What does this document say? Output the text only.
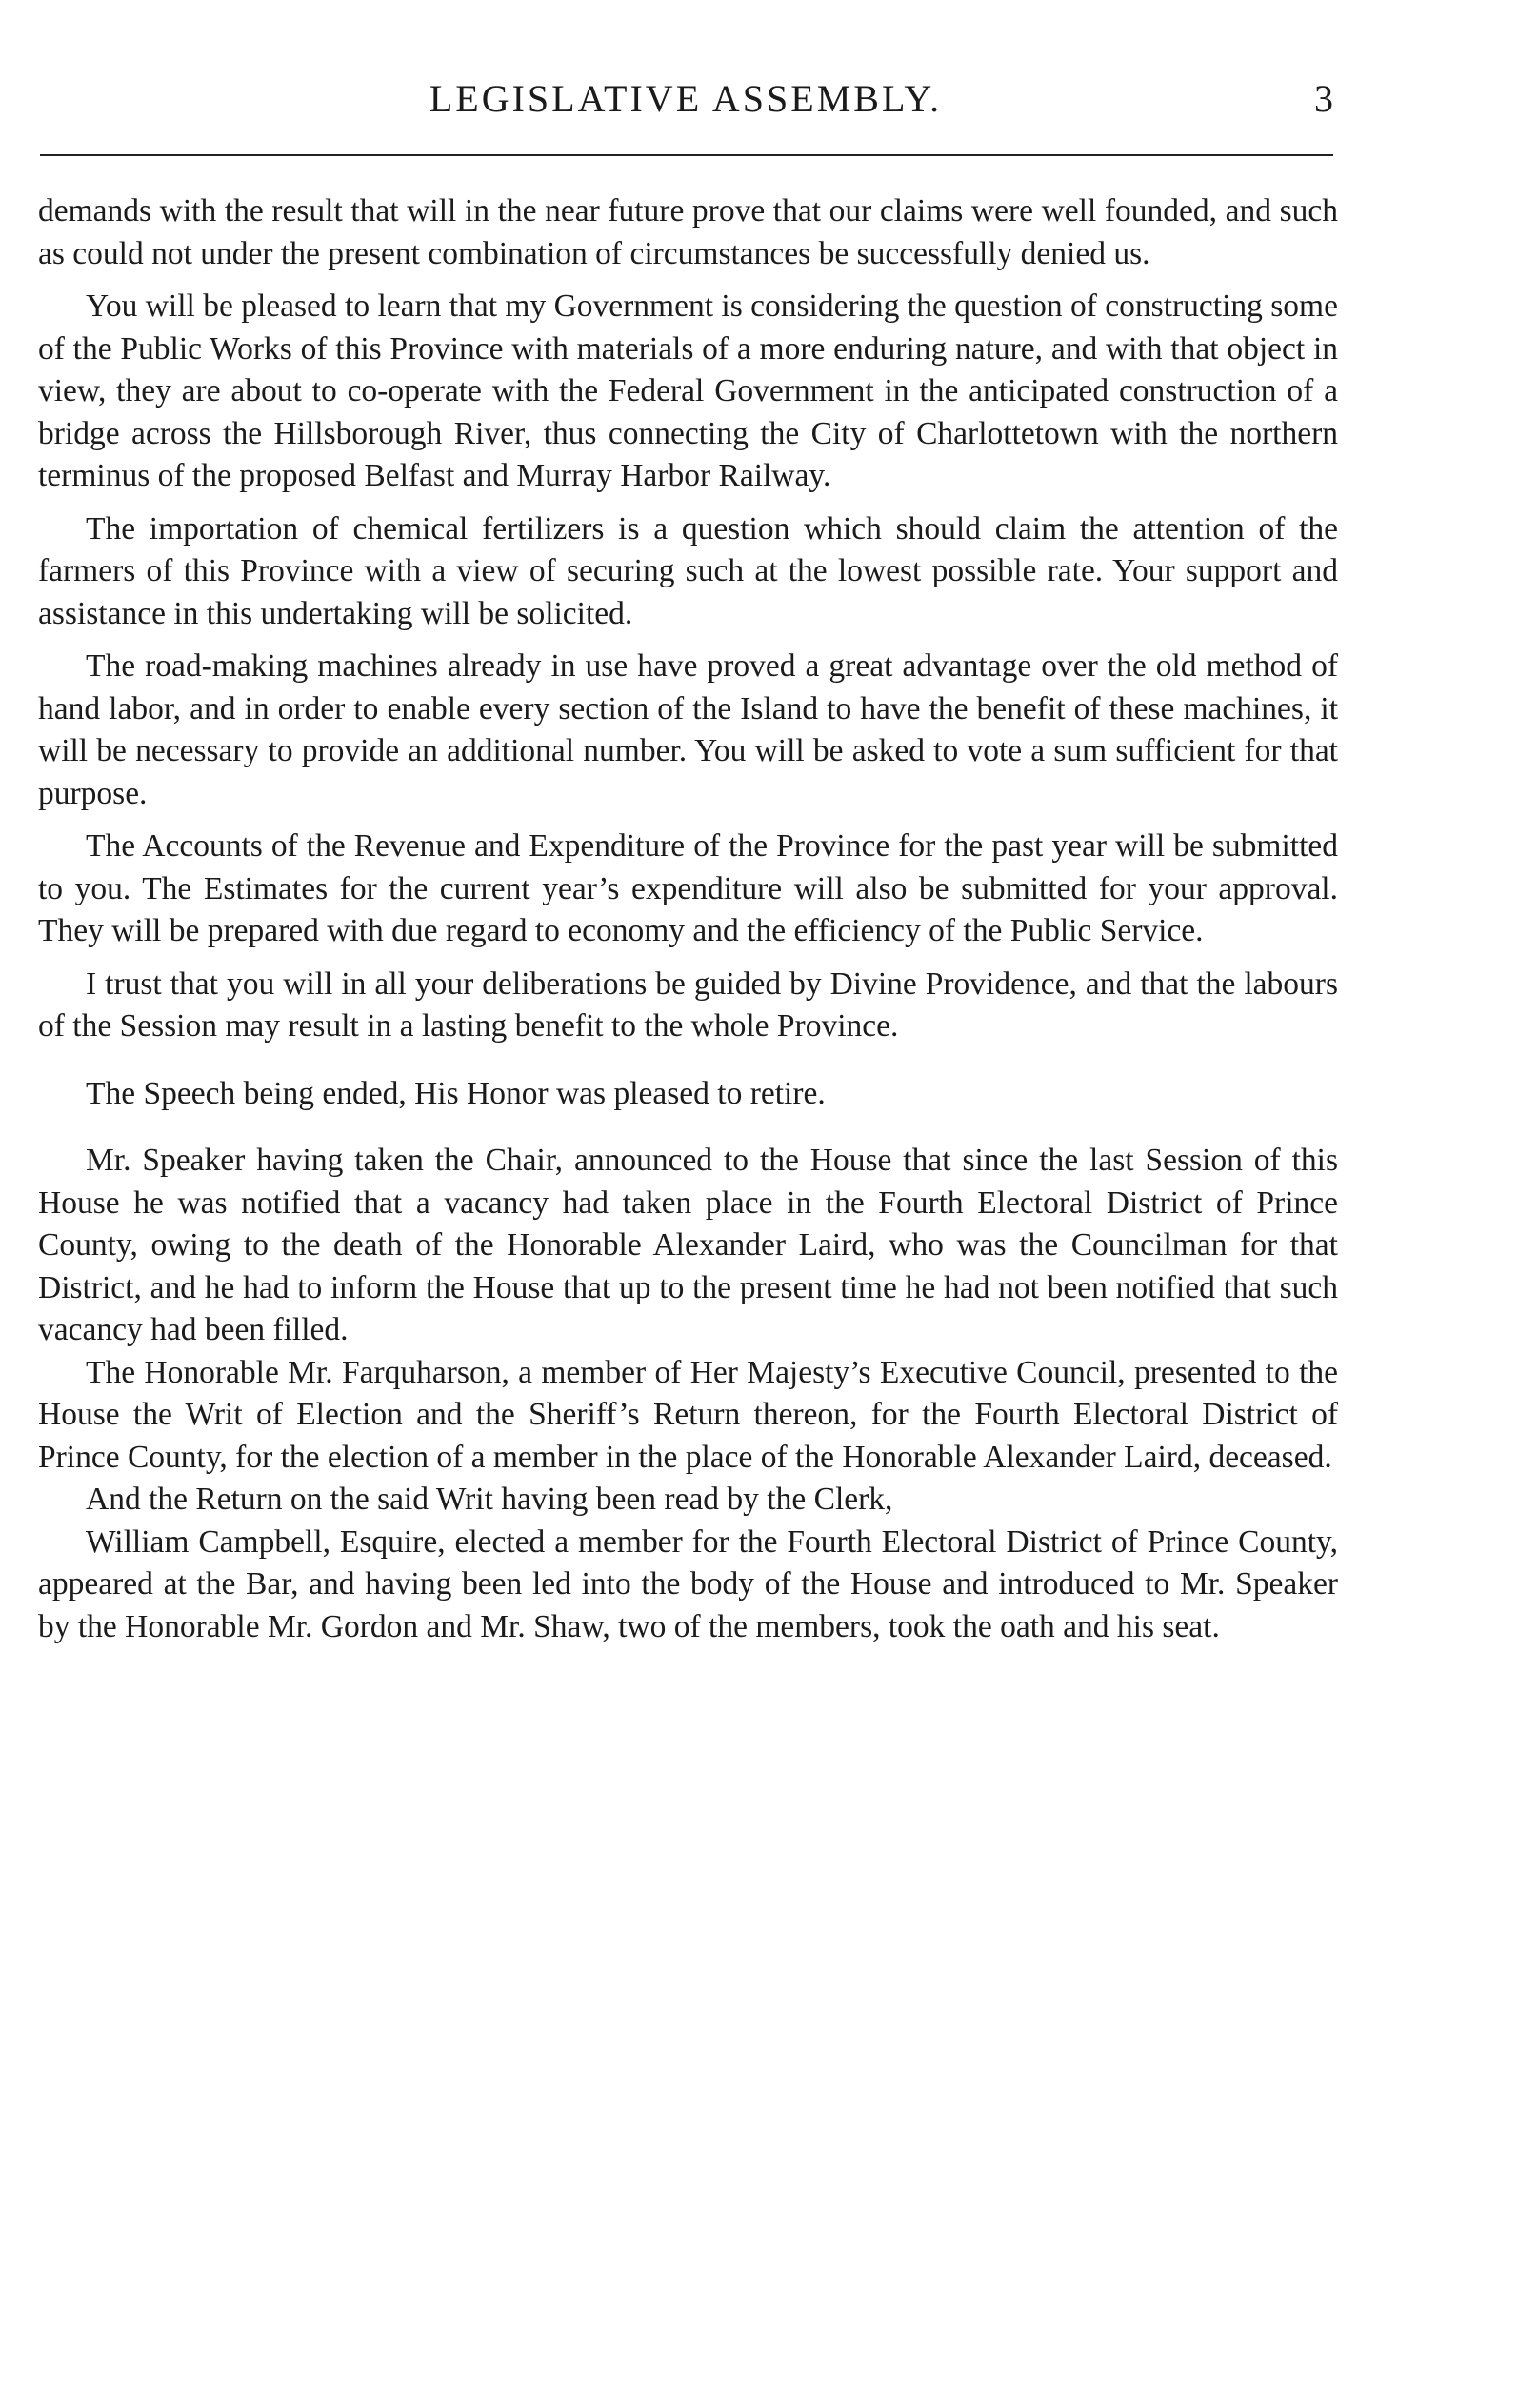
LEGISLATIVE ASSEMBLY.	3

demands with the result that will in the near future prove that our claims were well founded, and such as could not under the present combination of circumstances be successfully denied us.

You will be pleased to learn that my Government is considering the question of constructing some of the Public Works of this Province with materials of a more enduring nature, and with that object in view, they are about to co-operate with the Federal Government in the anticipated construction of a bridge across the Hillsborough River, thus connecting the City of Charlottetown with the northern terminus of the proposed Belfast and Murray Harbor Railway.

The importation of chemical fertilizers is a question which should claim the attention of the farmers of this Province with a view of securing such at the lowest possible rate. Your support and assistance in this undertaking will be solicited.

The road-making machines already in use have proved a great advantage over the old method of hand labor, and in order to enable every section of the Island to have the benefit of these machines, it will be necessary to provide an additional number. You will be asked to vote a sum sufficient for that purpose.

The Accounts of the Revenue and Expenditure of the Province for the past year will be submitted to you. The Estimates for the current year’s expenditure will also be submitted for your approval. They will be prepared with due regard to economy and the efficiency of the Public Service.

I trust that you will in all your deliberations be guided by Divine Providence, and that the labours of the Session may result in a lasting benefit to the whole Province.

The Speech being ended, His Honor was pleased to retire.

Mr. Speaker having taken the Chair, announced to the House that since the last Session of this House he was notified that a vacancy had taken place in the Fourth Electoral District of Prince County, owing to the death of the Honorable Alexander Laird, who was the Councilman for that District, and he had to inform the House that up to the present time he had not been notified that such vacancy had been filled.

The Honorable Mr. Farquharson, a member of Her Majesty’s Executive Council, presented to the House the Writ of Election and the Sheriff’s Return thereon, for the Fourth Electoral District of Prince County, for the election of a member in the place of the Honorable Alexander Laird, deceased.

And the Return on the said Writ having been read by the Clerk,

William Campbell, Esquire, elected a member for the Fourth Electoral District of Prince County, appeared at the Bar, and having been led into the body of the House and introduced to Mr. Speaker by the Honorable Mr. Gordon and Mr. Shaw, two of the members, took the oath and his seat.
